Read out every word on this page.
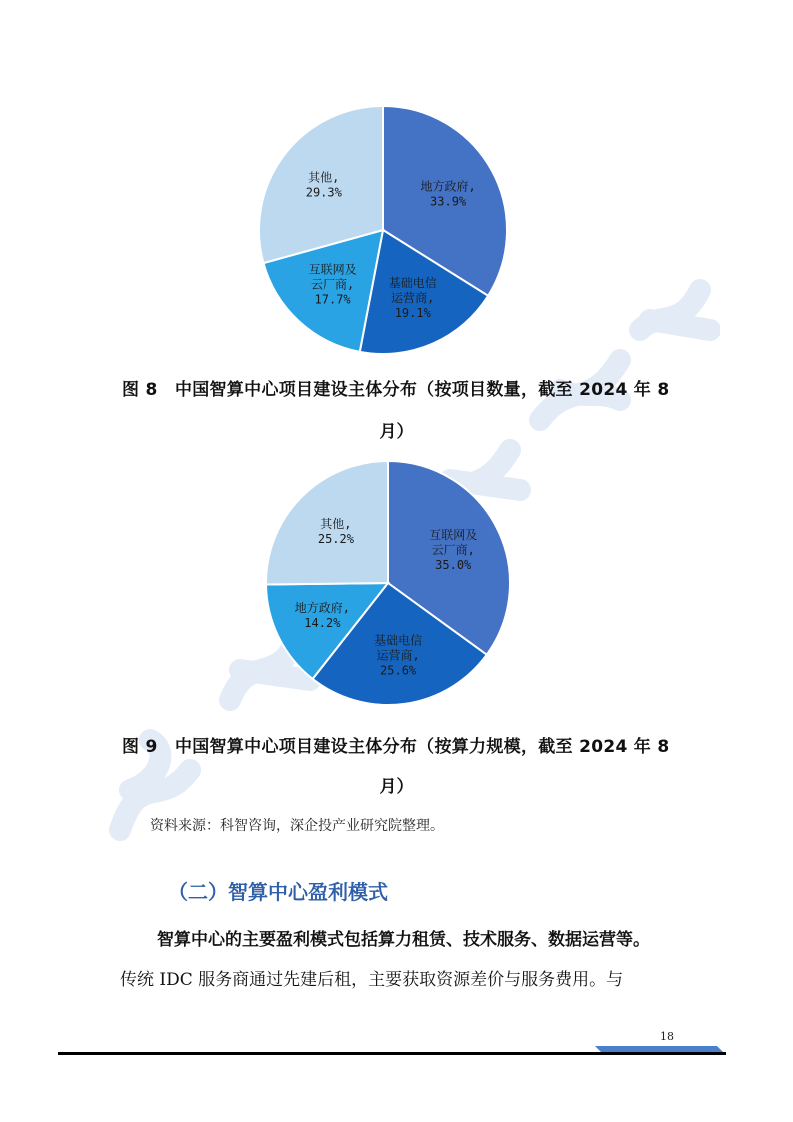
地方政府, 33.9%
基础电信运营商, 19.1%
互联网及云厂商, 17.7%
其他, 29.3%
图 8　中国智算中心项目建设主体分布（按项目数量，截至 2024 年 8
月）
互联网及云厂商, 35.0%
基础电信运营商, 25.6%
地方政府, 14.2%
其他, 25.2%
图 9　中国智算中心项目建设主体分布（按算力规模，截至 2024 年 8
月）
资料来源：科智咨询，深企投产业研究院整理。
（二）智算中心盈利模式
智算中心的主要盈利模式包括算力租赁、技术服务、数据运营等。
传统 IDC 服务商通过先建后租，主要获取资源差价与服务费用。与
18
